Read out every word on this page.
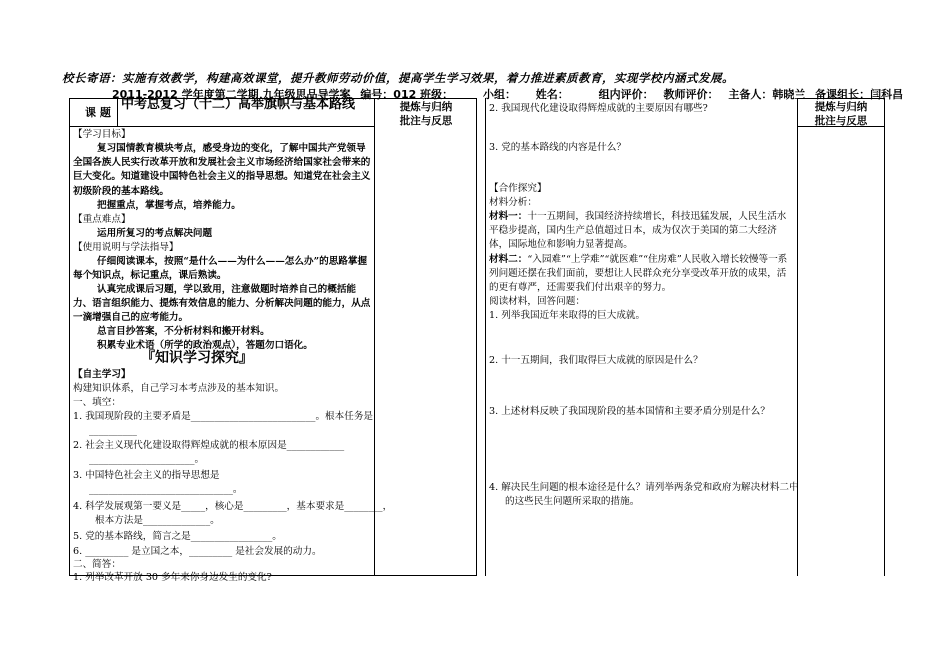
校长寄语：实施有效教学，构建高效课堂，提升教师劳动价值，提高学生学习效果，着力推进素质教育，实现学校内涵式发展。
2011-2012 学年度第二学期 九年级思品导学案 编号：012 班级：	小组： 姓名：	组内评价： 教师评价： 主备人：韩晓兰 备课组长：闫科昌
课 题
中考总复习（十二）高举旗帜与基本路线	提炼与归纳
批注与反思
【学习目标】
复习国情教育模块考点，感受身边的变化，了解中国共产党领导全国各族人民实行改革开放和发展社会主义市场经济给国家社会带来的巨大变化。知道建设中国特色社会主义的指导思想。知道党在社会主义初级阶段的基本路线。
把握重点，掌握考点，培养能力。
【重点难点】
运用所复习的考点解决问题
【使用说明与学法指导】
仔细阅读课本，按照“是什么——为什么——怎么办”的思路掌握每个知识点，标记重点，课后熟读。
认真完成课后习题，学以致用，注意做题时培养自己的概括能力、语言组织能力、提炼有效信息的能力、分析解决问题的能力，从点一滴增强自己的应考能力。
总言目抄答案，不分析材料和搬开材料。
积累专业术语（所学的政治观点），答题勿口语化。
『知识学习探究』
【自主学习】
构建知识体系，自己学习本考点涉及的基本知识。
一、填空：
1. 我国现阶段的主要矛盾是__________________________。根本任务是
__________
2. 社会主义现代化建设取得辉煌成就的根本原因是____________
______________________。
3. 中国特色社会主义的指导思想是
______________________________。
4. 科学发展观第一要义是_____，核心是_________，基本要求是________，
根本方法是______________。
5. 党的基本路线，简言之是_________________。
6. _________ 是立国之本，_________ 是社会发展的动力。
二、简答：
提炼与归纳
批注与反思
2. 我国现代化建设取得辉煌成就的主要原因有哪些?
3. 党的基本路线的内容是什么？
【合作探究】
材料分析：
材料一：十一五期间，我国经济持续增长，科技迅猛发展，人民生活水平稳步提高，国内生产总值超过日本，成为仅次于美国的第二大经济体，国际地位和影响力显著提高。
材料二：“入园难”“上学难”“就医难”“住房难”人民收入增长较慢等一系列问题还摆在我们面前，要想让人民群众充分享受改革开放的成果，活的更有尊严，还需要我们付出艰辛的努力。
阅读材料，回答问题：
1. 列举我国近年来取得的巨大成就。
2. 十一五期间，我们取得巨大成就的原因是什么？
3. 上述材料反映了我国现阶段的基本国情和主要矛盾分别是什么？
4. 解决民生问题的根本途径是什么？请列举两条党和政府为解决材料二中
的这些民生问题所采取的措施。
1. 列举改革开放 30 多年来你身边发生的变化?
